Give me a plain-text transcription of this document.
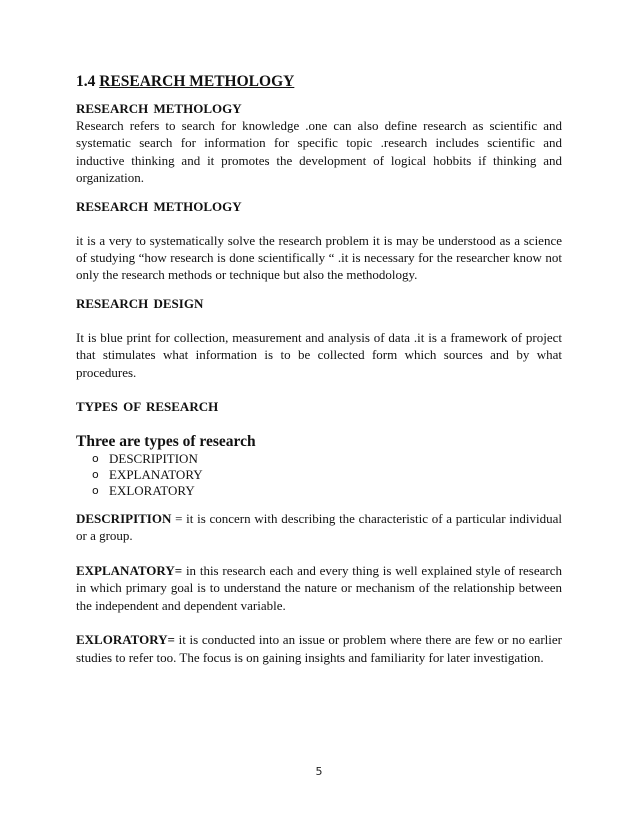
1.4 RESEARCH METHOLOGY
RESEARCH METHOLOGY

Research refers to search for knowledge .one can also define research as scientific and systematic search for information for specific topic .research includes scientific and inductive thinking and it promotes the development of logical hobbits if thinking and organization.

RESEARCH METHOLOGY

it is a very to systematically solve the research problem it is may be understood as a science of studying “how research is done scientifically “ .it is necessary for the researcher know not only the research methods or technique but also the methodology.

RESEARCH DESIGN

It is blue print for collection, measurement and analysis of data .it is a framework of project that stimulates what information is to be collected form which sources and by what procedures.

TYPES OF RESEARCH
Three are types of research
o DESCRIPITION
o EXPLANATORY
o EXLORATORY

DESCRIPITION = it is concern with describing the characteristic of a particular individual or a group.

EXPLANATORY= in this research each and every thing is well explained style of research in which primary goal is to understand the nature or mechanism of the relationship between the independent and dependent variable.

EXLORATORY= it is conducted into an issue or problem where there are few or no earlier studies to refer too. The focus is on gaining insights and familiarity for later investigation.

5
